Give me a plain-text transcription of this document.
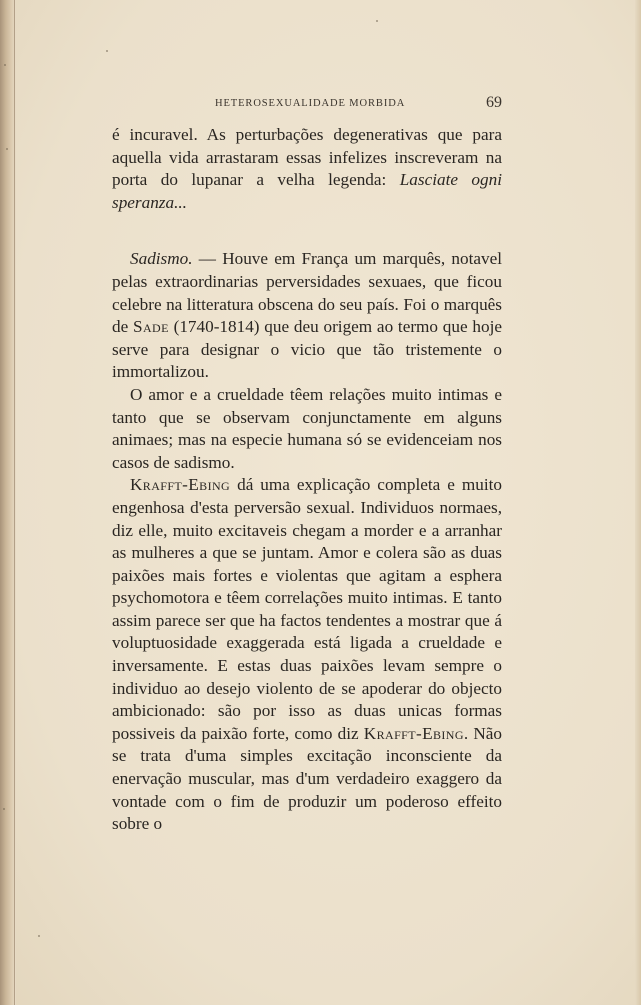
HETEROSEXUALIDADE MORBIDA	69

é incuravel. As perturbações degenerativas que para aquella vida arrastaram essas infelizes inscreveram na porta do lupanar a velha legenda: Lasciate ogni speranza...

Sadismo. — Houve em França um marquês, notavel pelas extraordinarias perversidades sexuaes, que ficou celebre na litteratura obscena do seu país. Foi o marquês de Sade (1740-1814) que deu origem ao termo que hoje serve para designar o vicio que tão tristemente o immortalizou.

O amor e a crueldade têem relações muito intimas e tanto que se observam conjunctamente em alguns animaes; mas na especie humana só se evidenceiam nos casos de sadismo.

Krafft-Ebing dá uma explicação completa e muito engenhosa d'esta perversão sexual. Individuos normaes, diz elle, muito excitaveis chegam a morder e a arranhar as mulheres a que se juntam. Amor e colera são as duas paixões mais fortes e violentas que agitam a esphera psychomotora e têem correlações muito intimas. E tanto assim parece ser que ha factos tendentes a mostrar que á voluptuosidade exaggerada está ligada a crueldade e inversamente. E estas duas paixões levam sempre o individuo ao desejo violento de se apoderar do objecto ambicionado: são por isso as duas unicas formas possiveis da paixão forte, como diz Krafft-Ebing. Não se trata d'uma simples excitação inconsciente da enervação muscular, mas d'um verdadeiro exaggero da vontade com o fim de produzir um poderoso effeito sobre o
